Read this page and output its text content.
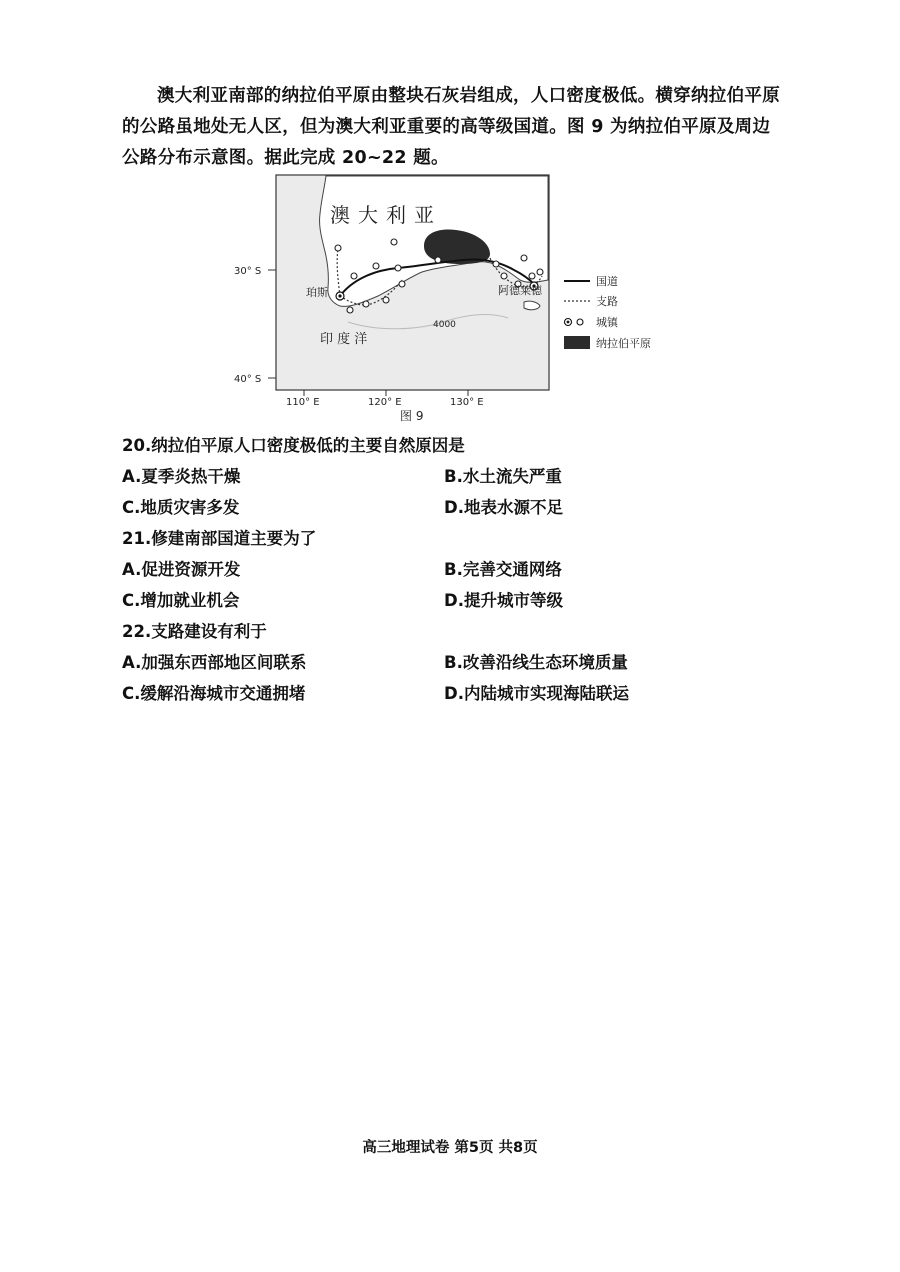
澳大利亚南部的纳拉伯平原由整块石灰岩组成，人口密度极低。横穿纳拉伯平原的公路虽地处无人区，但为澳大利亚重要的高等级国道。图 9 为纳拉伯平原及周边公路分布示意图。据此完成 20~22 题。

4000
澳大利亚
珀斯	阿德莱德
印 度 洋
30° S
40° S
110° E	120° E	130° E
国道
支路
城镇
纳拉伯平原
图 9

20.纳拉伯平原人口密度极低的主要自然原因是

A.夏季炎热干燥	B.水土流失严重
C.地质灾害多发	D.地表水源不足

21.修建南部国道主要为了

A.促进资源开发	B.完善交通网络
C.增加就业机会	D.提升城市等级

22.支路建设有利于

A.加强东西部地区间联系	B.改善沿线生态环境质量
C.缓解沿海城市交通拥堵	D.内陆城市实现海陆联运
高三地理试卷 第5页 共8页
